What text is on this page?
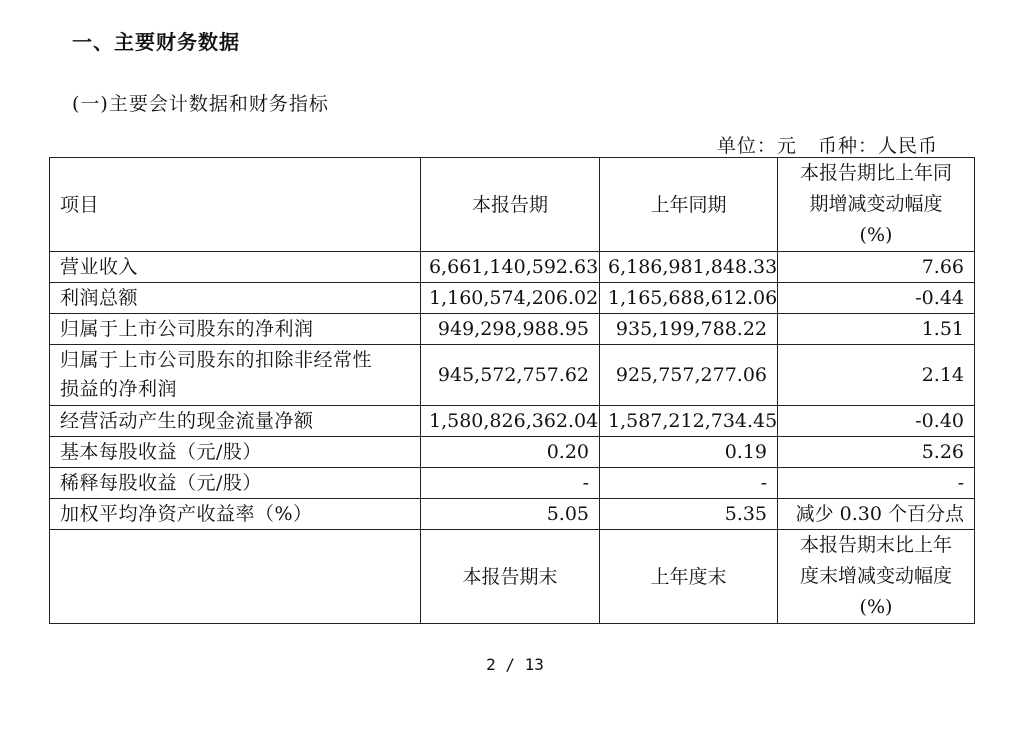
一、主要财务数据
(一)主要会计数据和财务指标
单位：元   币种：人民币
项目	本报告期	上年同期	本报告期比上年同
期增减变动幅度
(%)

营业收入	6,661,140,592.63	6,186,981,848.33	7.66
利润总额	1,160,574,206.02	1,165,688,612.06	-0.44
归属于上市公司股东的净利润	949,298,988.95	935,199,788.22	1.51

归属于上市公司股东的扣除非经常性
损益的净利润	945,572,757.62	925,757,277.06	2.14
经营活动产生的现金流量净额	1,580,826,362.04	1,587,212,734.45	-0.40
基本每股收益（元/股）	0.20	0.19	5.26
稀释每股收益（元/股）	-	-	-
加权平均净资产收益率（%）	5.05	5.35	减少 0.30 个百分点
	本报告期末	上年度末	本报告期末比上年
度末增减变动幅度
(%)
2 / 13
